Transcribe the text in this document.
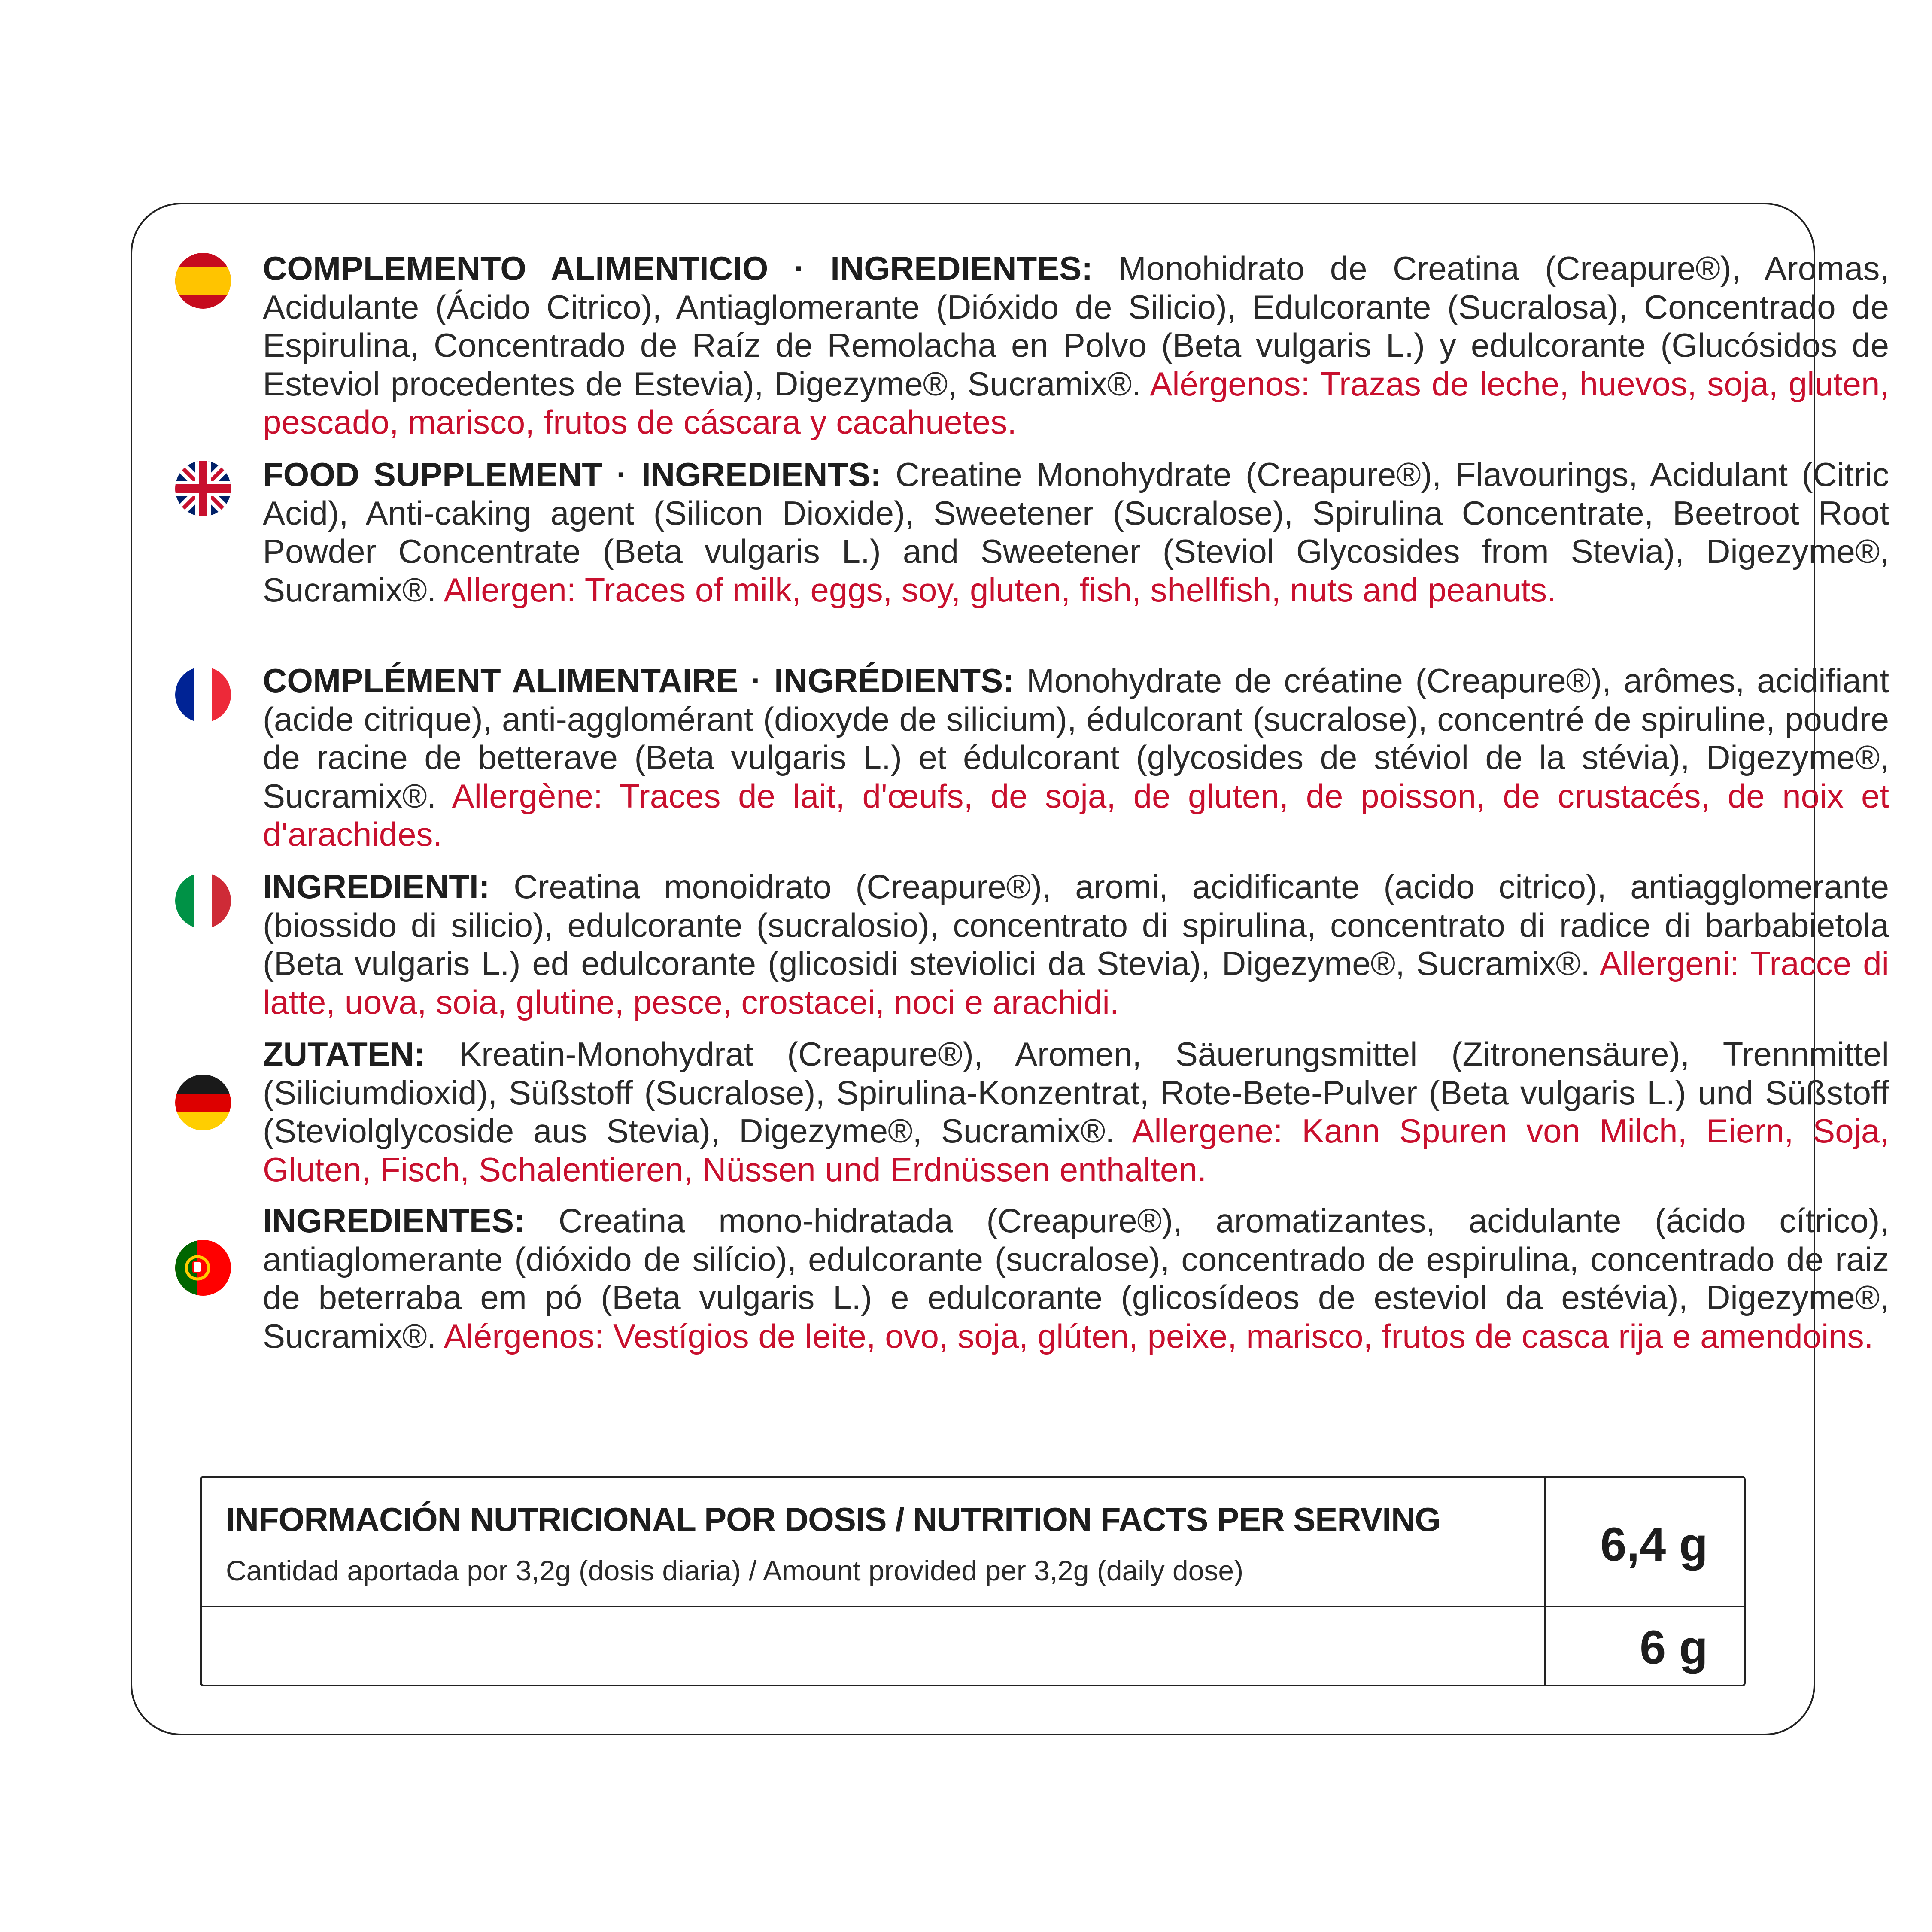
COMPLEMENTO ALIMENTICIO · INGREDIENTES: Monohidrato de Creatina (Creapure®), Aromas, Acidulante (Ácido Citrico), Antiaglomerante (Dióxido de Silicio), Edulcorante (Sucralosa), Concentrado de Espirulina, Concentrado de Raíz de Remolacha en Polvo (Beta vulgaris L.) y edulcorante (Glucósidos de Esteviol procedentes de Estevia), Digezyme®, Sucramix®. Alérgenos: Trazas de leche, huevos, soja, gluten, pescado, marisco, frutos de cáscara y cacahuetes.
FOOD SUPPLEMENT · INGREDIENTS: Creatine Monohydrate (Creapure®), Flavourings, Acidulant (Citric Acid), Anti-caking agent (Silicon Dioxide), Sweetener (Sucralose), Spirulina Concentrate, Beetroot Root Powder Concentrate (Beta vulgaris L.) and Sweetener (Steviol Glycosides from Stevia), Digezyme®, Sucramix®. Allergen: Traces of milk, eggs, soy, gluten, fish, shellfish, nuts and peanuts.
COMPLÉMENT ALIMENTAIRE · INGRÉDIENTS: Monohydrate de créatine (Creapure®), arômes, acidifiant (acide citrique), anti-agglomérant (dioxyde de silicium), édulcorant (sucralose), concentré de spiruline, poudre de racine de betterave (Beta vulgaris L.) et édulcorant (glycosides de stéviol de la stévia), Digezyme®, Sucramix®. Allergène: Traces de lait, d'œufs, de soja, de gluten, de poisson, de crustacés, de noix et d'arachides.
INGREDIENTI: Creatina monoidrato (Creapure®), aromi, acidificante (acido citrico), antiagglomerante (biossido di silicio), edulcorante (sucralosio), concentrato di spirulina, concentrato di radice di barbabietola (Beta vulgaris L.) ed edulcorante (glicosidi steviolici da Stevia), Digezyme®, Sucramix®. Allergeni: Tracce di latte, uova, soia, glutine, pesce, crostacei, noci e arachidi.
ZUTATEN: Kreatin-Monohydrat (Creapure®), Aromen, Säuerungsmittel (Zitronensäure), Trennmittel (Siliciumdioxid), Süßstoff (Sucralose), Spirulina-Konzentrat, Rote-Bete-Pulver (Beta vulgaris L.) und Süßstoff (Steviolglycoside aus Stevia), Digezyme®, Sucramix®. Allergene: Kann Spuren von Milch, Eiern, Soja, Gluten, Fisch, Schalentieren, Nüssen und Erdnüssen enthalten.
INGREDIENTES: Creatina mono-hidratada (Creapure®), aromatizantes, acidulante (ácido cítrico), antiaglomerante (dióxido de silício), edulcorante (sucralose), concentrado de espirulina, concentrado de raiz de beterraba em pó (Beta vulgaris L.) e edulcorante (glicosídeos de esteviol da estévia), Digezyme®, Sucramix®. Alérgenos: Vestígios de leite, ovo, soja, glúten, peixe, marisco, frutos de casca rija e amendoins.
INFORMACIÓN NUTRICIONAL POR DOSIS / NUTRITION FACTS PER SERVING
Cantidad aportada por 3,2g (dosis diaria) / Amount provided per 3,2g (daily dose)	6,4 g
6 g
